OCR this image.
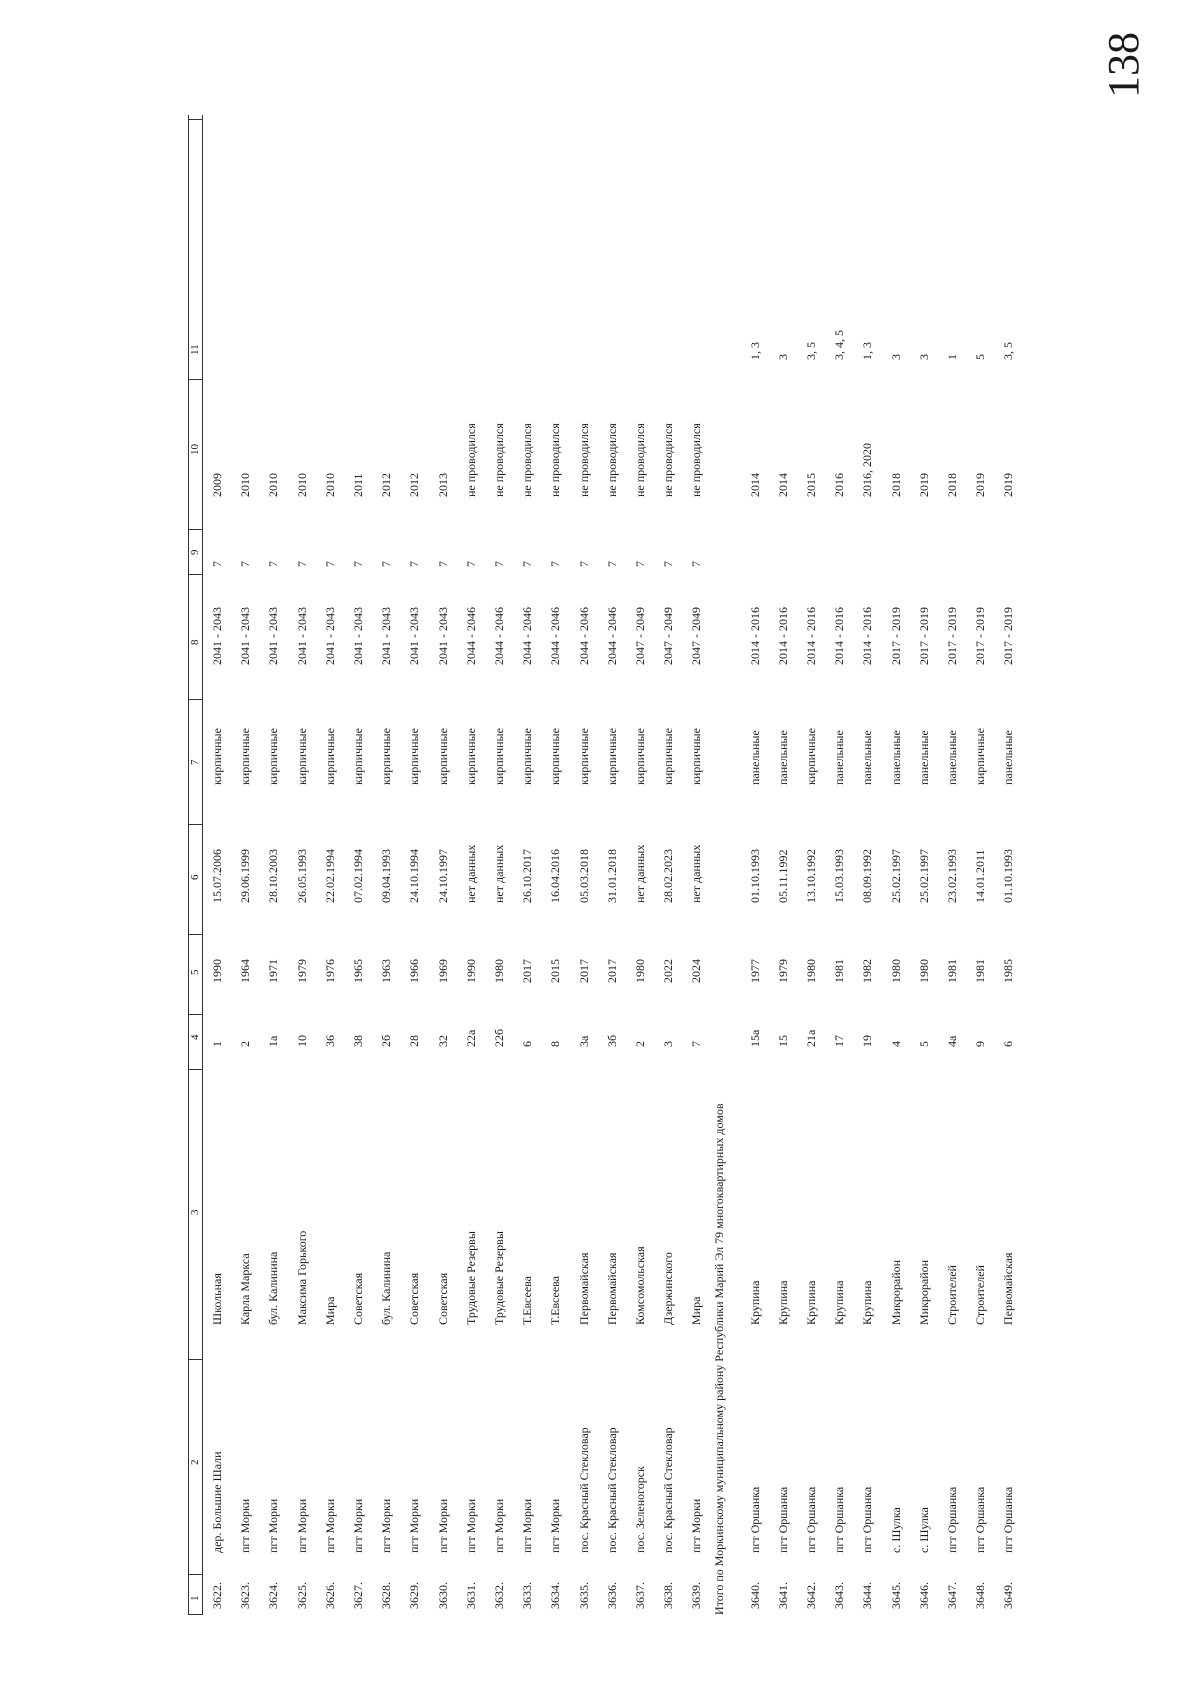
138
1
2
3
4
5
6
7
8
9
10
11
3622.
дер. Большие Шали
Школьная
1
1990
15.07.2006
кирпичные
2041 - 2043
7
2009
3623.
пгт Морки
Карла Маркса
2
1964
29.06.1999
кирпичные
2041 - 2043
7
2010
3624.
пгт Морки
бул. Калинина
1а
1971
28.10.2003
кирпичные
2041 - 2043
7
2010
3625.
пгт Морки
Максима Горького
10
1979
26.05.1993
кирпичные
2041 - 2043
7
2010
3626.
пгт Морки
Мира
36
1976
22.02.1994
кирпичные
2041 - 2043
7
2010
3627.
пгт Морки
Советская
38
1965
07.02.1994
кирпичные
2041 - 2043
7
2011
3628.
пгт Морки
бул. Калинина
2б
1963
09.04.1993
кирпичные
2041 - 2043
7
2012
3629.
пгт Морки
Советская
28
1966
24.10.1994
кирпичные
2041 - 2043
7
2012
3630.
пгт Морки
Советская
32
1969
24.10.1997
кирпичные
2041 - 2043
7
2013
3631.
пгт Морки
Трудовые Резервы
22а
1990
нет данных
кирпичные
2044 - 2046
7
не проводился
3632.
пгт Морки
Трудовые Резервы
22б
1980
нет данных
кирпичные
2044 - 2046
7
не проводился
3633.
пгт Морки
Т.Евсеева
6
2017
26.10.2017
кирпичные
2044 - 2046
7
не проводился
3634.
пгт Морки
Т.Евсеева
8
2015
16.04.2016
кирпичные
2044 - 2046
7
не проводился
3635.
пос. Красный Стекловар
Первомайская
3а
2017
05.03.2018
кирпичные
2044 - 2046
7
не проводился
3636.
пос. Красный Стекловар
Первомайская
3б
2017
31.01.2018
кирпичные
2044 - 2046
7
не проводился
3637.
пос. Зеленогорск
Комсомольская
2
1980
нет данных
кирпичные
2047 - 2049
7
не проводился
3638.
пос. Красный Стекловар
Дзержинского
3
2022
28.02.2023
кирпичные
2047 - 2049
7
не проводился
3639.
пгт Морки
Мира
7
2024
нет данных
кирпичные
2047 - 2049
7
не проводился
Итого по Моркинскому муниципальному району Республики Марий Эл 79 многоквартирных домов 3640.
пгт Оршанка
Крупина
15а
1977
01.10.1993
панельные
2014 - 2016
2014
1, 3
3641.
пгт Оршанка
Крупина
15
1979
05.11.1992
панельные
2014 - 2016
2014
3
3642.
пгт Оршанка
Крупина
21а
1980
13.10.1992
кирпичные
2014 - 2016
2015
3, 5
3643.
пгт Оршанка
Крупина
17
1981
15.03.1993
панельные
2014 - 2016
2016
3, 4, 5
3644.
пгт Оршанка
Крупина
19
1982
08.09.1992
панельные
2014 - 2016
2016, 2020
1, 3
3645.
с. Шулка
Микрорайон
4
1980
25.02.1997
панельные
2017 - 2019
2018
3
3646.
с. Шулка
Микрорайон
5
1980
25.02.1997
панельные
2017 - 2019
2019
3
3647.
пгт Оршанка
Строителей
4а
1981
23.02.1993
панельные
2017 - 2019
2018
1
3648.
пгт Оршанка
Строителей
9
1981
14.01.2011
кирпичные
2017 - 2019
2019
5
3649.
пгт Оршанка
Первомайская
6
1985
01.10.1993
панельные
2017 - 2019
2019
3, 5
